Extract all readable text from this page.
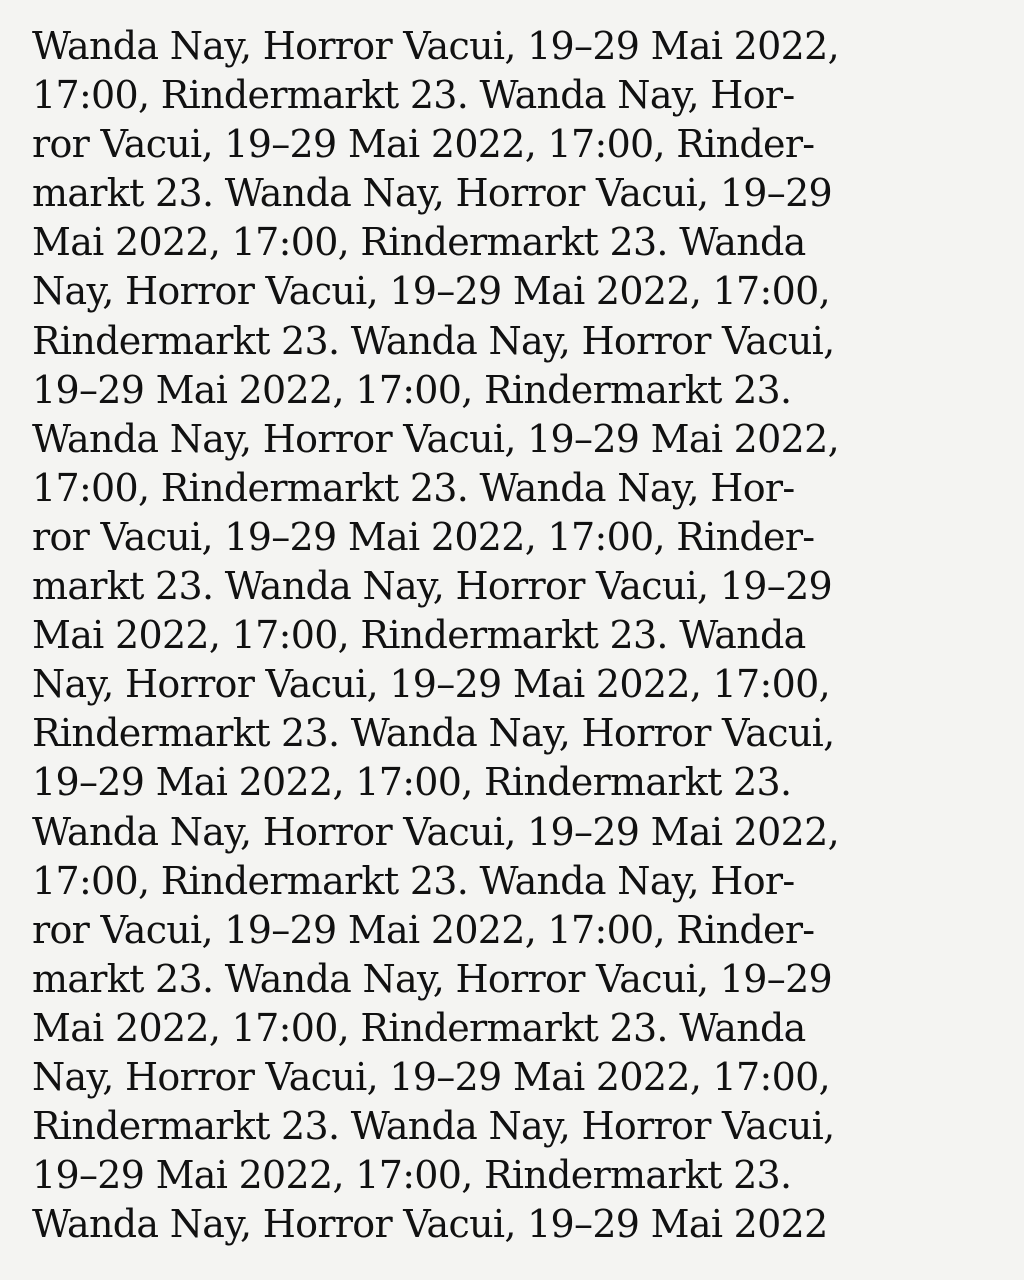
Wanda Nay, Horror Vacui, 19–29 Mai 2022,
17:00, Rindermarkt 23. Wanda Nay, Hor-
ror Vacui, 19–29 Mai 2022, 17:00, Rinder-
markt 23. Wanda Nay, Horror Vacui, 19–29
Mai 2022, 17:00, Rindermarkt 23. Wanda
Nay, Horror Vacui, 19–29 Mai 2022, 17:00,
Rindermarkt 23. Wanda Nay, Horror Vacui,
19–29 Mai 2022, 17:00, Rindermarkt 23.
Wanda Nay, Horror Vacui, 19–29 Mai 2022,
17:00, Rindermarkt 23. Wanda Nay, Hor-
ror Vacui, 19–29 Mai 2022, 17:00, Rinder-
markt 23. Wanda Nay, Horror Vacui, 19–29
Mai 2022, 17:00, Rindermarkt 23. Wanda
Nay, Horror Vacui, 19–29 Mai 2022, 17:00,
Rindermarkt 23. Wanda Nay, Horror Vacui,
19–29 Mai 2022, 17:00, Rindermarkt 23.
Wanda Nay, Horror Vacui, 19–29 Mai 2022,
17:00, Rindermarkt 23. Wanda Nay, Hor-
ror Vacui, 19–29 Mai 2022, 17:00, Rinder-
markt 23. Wanda Nay, Horror Vacui, 19–29
Mai 2022, 17:00, Rindermarkt 23. Wanda
Nay, Horror Vacui, 19–29 Mai 2022, 17:00,
Rindermarkt 23. Wanda Nay, Horror Vacui,
19–29 Mai 2022, 17:00, Rindermarkt 23.
Wanda Nay, Horror Vacui, 19–29 Mai 2022
